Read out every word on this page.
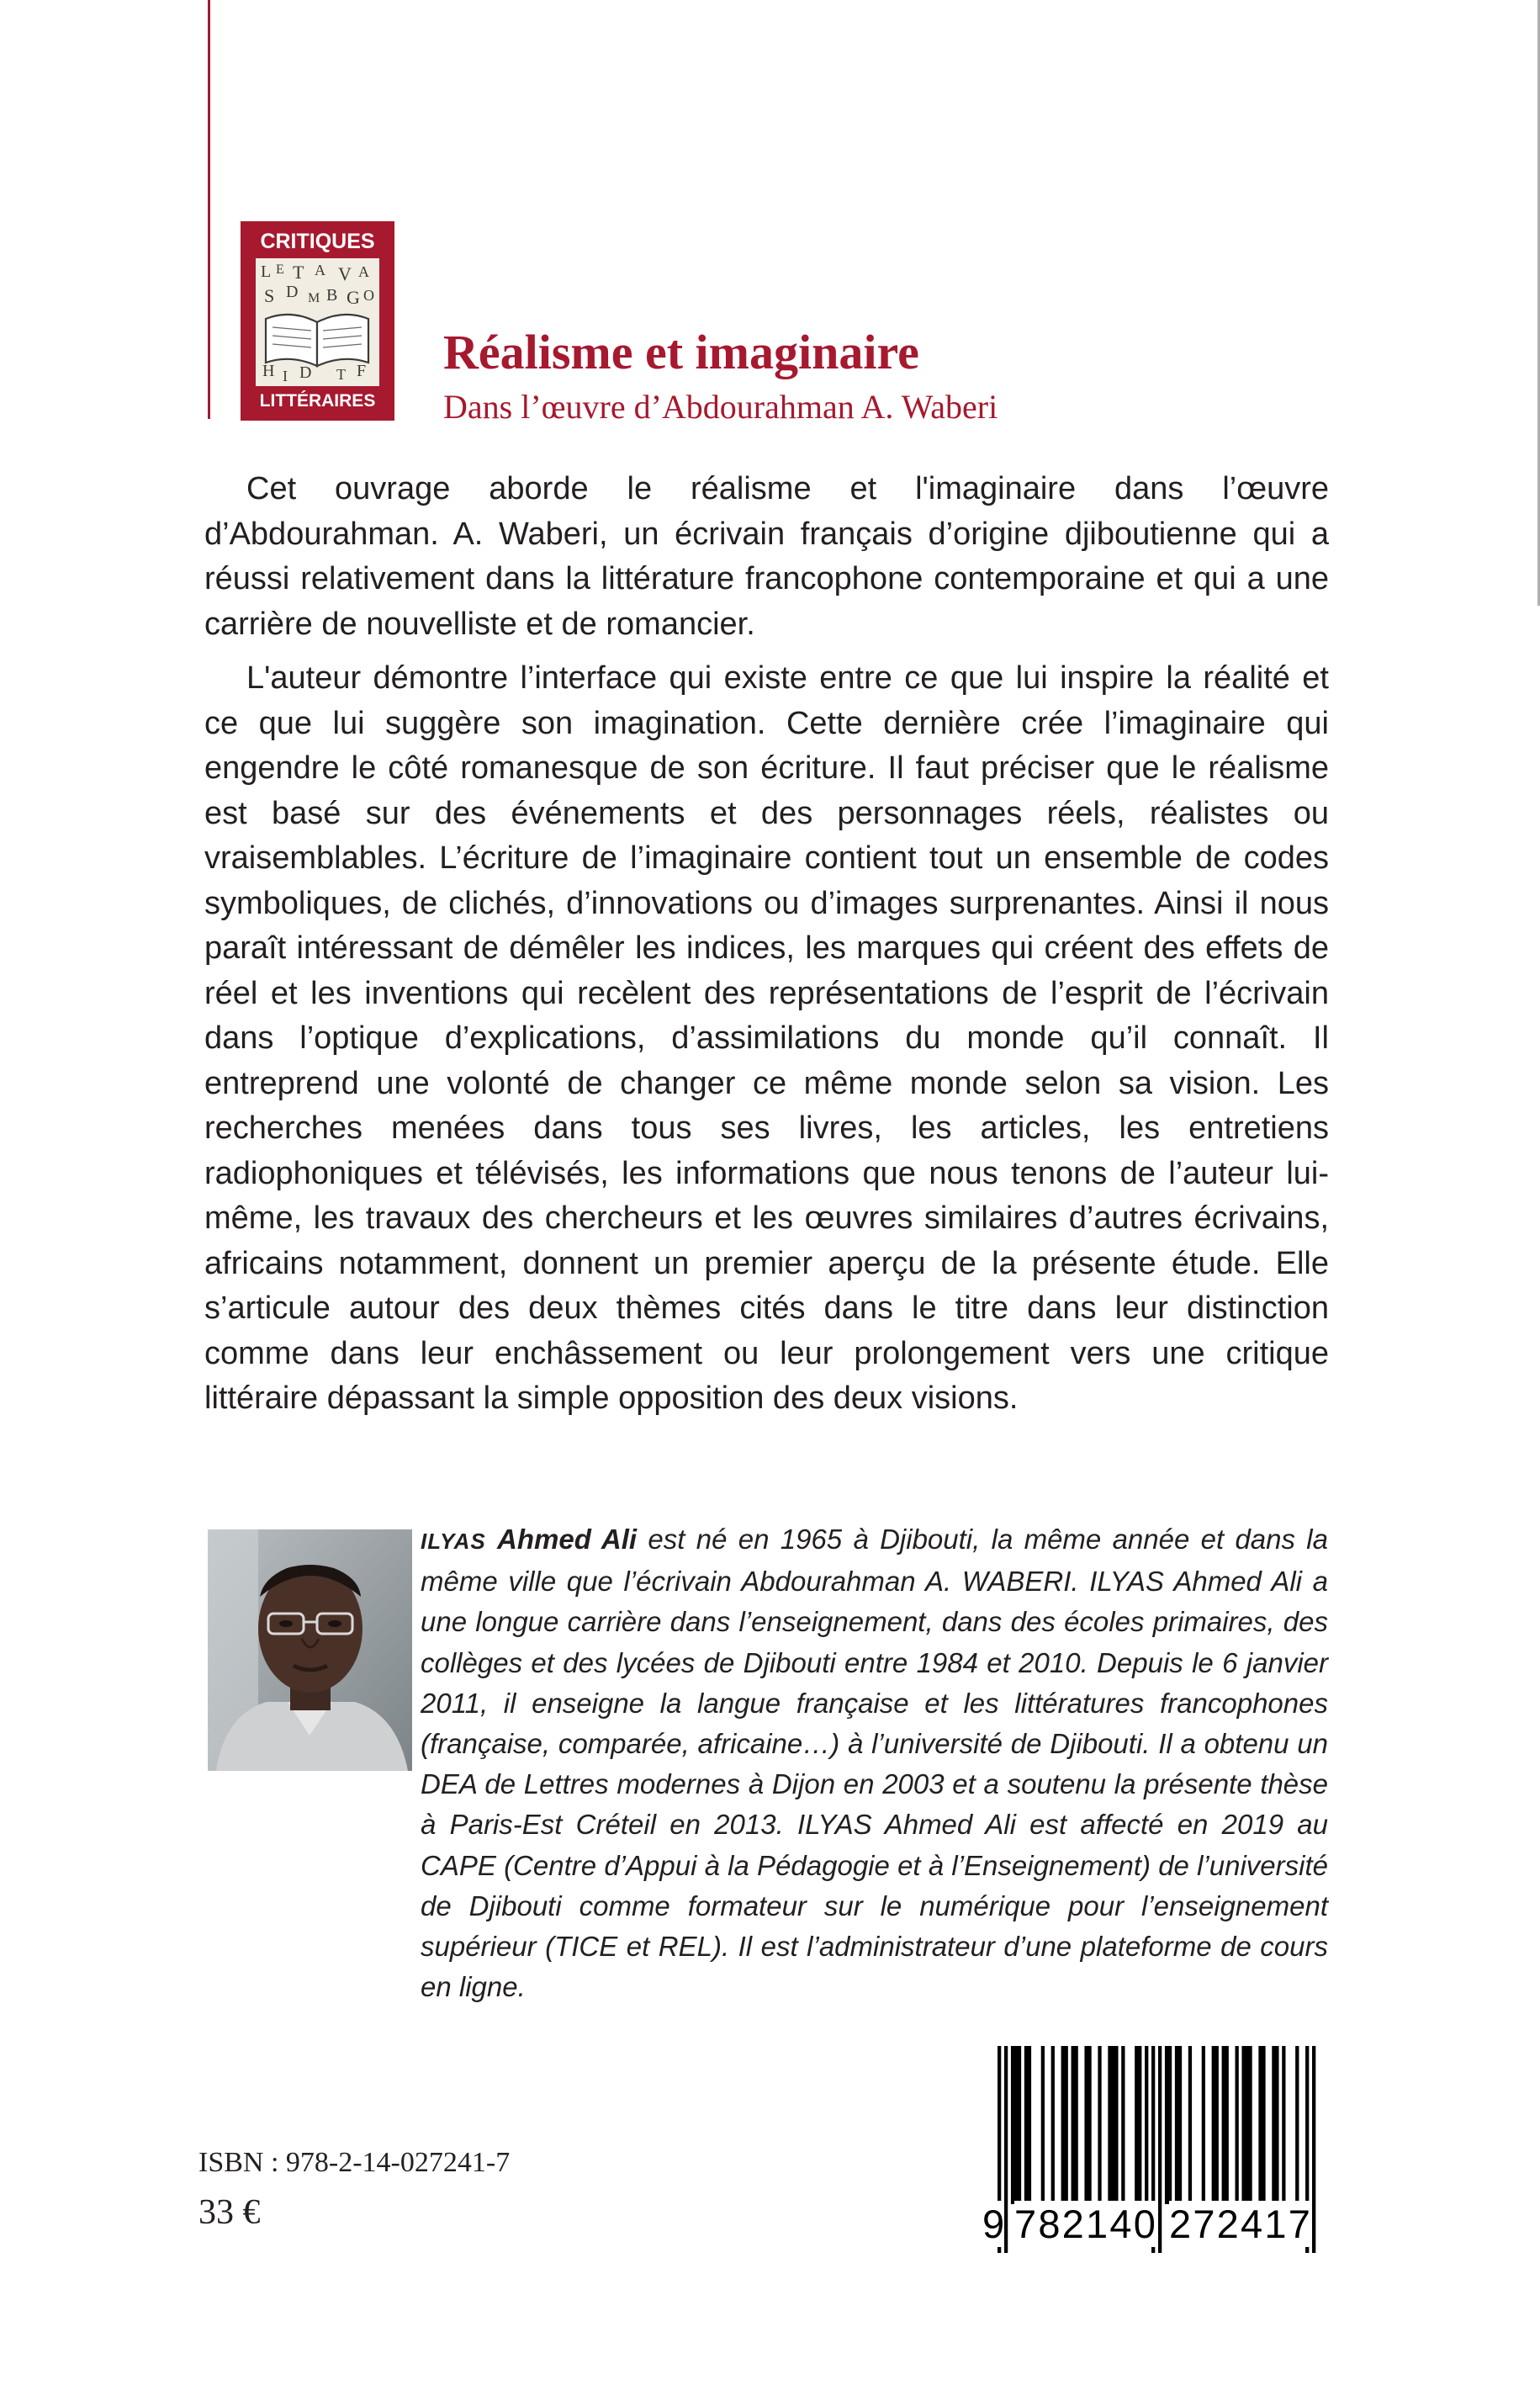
CRITIQUES
L E T A V A
S D M B G O
H I D T F
LITTÉRAIRES
Réalisme et imaginaire
Dans l’œuvre d’Abdourahman A. Waberi

Cet ouvrage aborde le réalisme et l'imaginaire dans l’œuvre d’Abdourahman. A. Waberi, un écrivain français d’origine djiboutienne qui a réussi relativement dans la littérature francophone contemporaine et qui a une carrière de nouvelliste et de romancier.

L'auteur démontre l’interface qui existe entre ce que lui inspire la réalité et ce que lui suggère son imagination. Cette dernière crée l’imaginaire qui engendre le côté romanesque de son écriture. Il faut préciser que le réalisme est basé sur des événements et des personnages réels, réalistes ou vraisemblables. L’écriture de l’imaginaire contient tout un ensemble de codes symboliques, de clichés, d’innovations ou d’images surprenantes. Ainsi il nous paraît intéressant de démêler les indices, les marques qui créent des effets de réel et les inventions qui recèlent des représentations de l’esprit de l’écrivain dans l’optique d’explications, d’assimilations du monde qu’il connaît. Il entreprend une volonté de changer ce même monde selon sa vision. Les recherches menées dans tous ses livres, les articles, les entretiens radiophoniques et télévisés, les informations que nous tenons de l’auteur lui-même, les travaux des chercheurs et les œuvres similaires d’autres écrivains, africains notamment, donnent un premier aperçu de la présente étude. Elle s’articule autour des deux thèmes cités dans le titre dans leur distinction comme dans leur enchâssement ou leur prolongement vers une critique littéraire dépassant la simple opposition des deux visions.

ILYAS Ahmed Ali est né en 1965 à Djibouti, la même année et dans la même ville que l’écrivain Abdourahman A. WABERI. ILYAS Ahmed Ali a une longue carrière dans l’enseignement, dans des écoles primaires, des collèges et des lycées de Djibouti entre 1984 et 2010. Depuis le 6 janvier 2011, il enseigne la langue française et les littératures francophones (française, comparée, africaine…) à l’université de Djibouti. Il a obtenu un DEA de Lettres modernes à Dijon en 2003 et a soutenu la présente thèse à Paris-Est Créteil en 2013. ILYAS Ahmed Ali est affecté en 2019 au CAPE (Centre d’Appui à la Pédagogie et à l’Enseignement) de l’université de Djibouti comme formateur sur le numérique pour l’enseignement supérieur (TICE et REL). Il est l’administrateur d’une plateforme de cours en ligne.
9 782140 272417
ISBN : 978-2-14-027241-7
33 €
